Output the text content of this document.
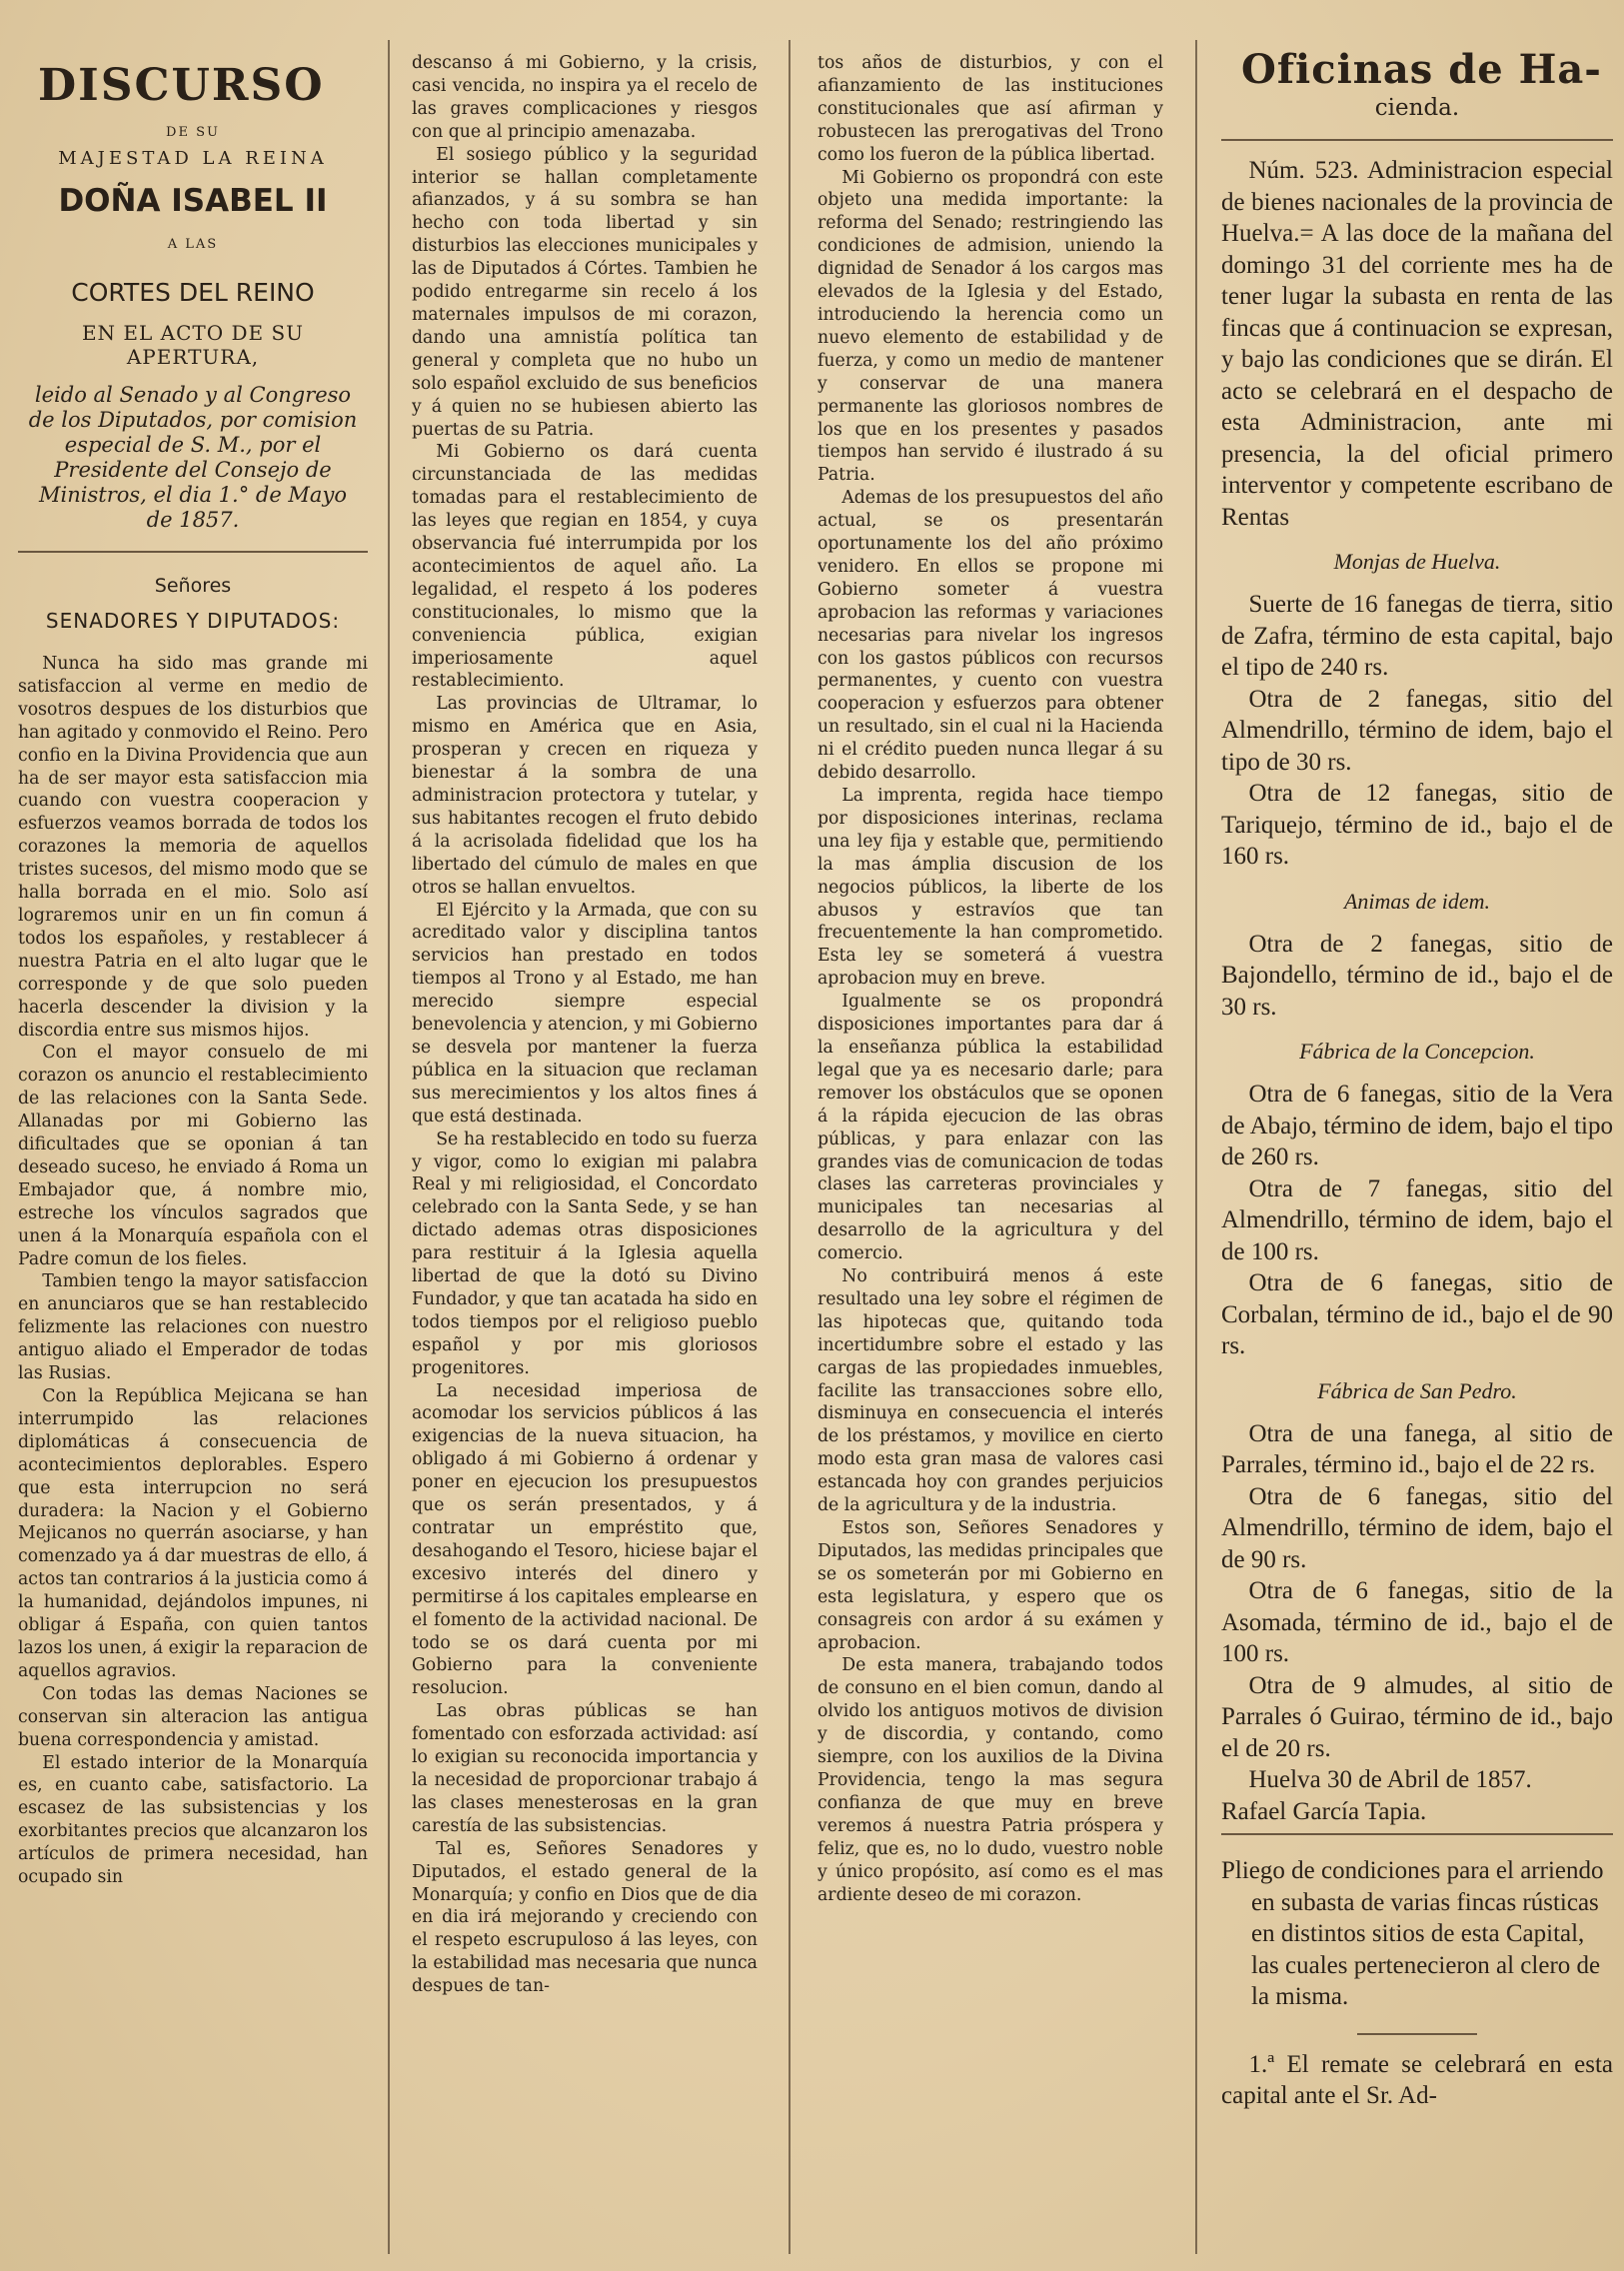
DISCURSO
DE SU
MAJESTAD LA REINA
DOÑA ISABEL II
A LAS
CORTES DEL REINO
EN EL ACTO DE SU APERTURA,
leido al Senado y al Congreso de los Diputados, por comision especial de S. M., por el Presidente del Consejo de Ministros, el dia 1.° de Mayo de 1857.
Señores
SENADORES Y DIPUTADOS:

Nunca ha sido mas grande mi satisfaccion al verme en medio de vosotros despues de los disturbios que han agitado y conmovido el Reino. Pero confio en la Divina Providencia que aun ha de ser mayor esta satisfaccion mia cuando con vuestra cooperacion y esfuerzos veamos borrada de todos los corazones la memoria de aquellos tristes sucesos, del mismo modo que se halla borrada en el mio. Solo así lograremos unir en un fin comun á todos los españoles, y restablecer á nuestra Patria en el alto lugar que le corresponde y de que solo pueden hacerla descender la division y la discordia entre sus mismos hijos.

Con el mayor consuelo de mi corazon os anuncio el restablecimiento de las relaciones con la Santa Sede. Allanadas por mi Gobierno las dificultades que se oponian á tan deseado suceso, he enviado á Roma un Embajador que, á nombre mio, estreche los vínculos sagrados que unen á la Monarquía española con el Padre comun de los fieles.

Tambien tengo la mayor satisfaccion en anunciaros que se han restablecido felizmente las relaciones con nuestro antiguo aliado el Emperador de todas las Rusias.

Con la República Mejicana se han interrumpido las relaciones diplomáticas á consecuencia de acontecimientos deplorables. Espero que esta interrupcion no será duradera: la Nacion y el Gobierno Mejicanos no querrán asociarse, y han comenzado ya á dar muestras de ello, á actos tan contrarios á la justicia como á la humanidad, dejándolos impunes, ni obligar á España, con quien tantos lazos los unen, á exigir la reparacion de aquellos agravios.

Con todas las demas Naciones se conservan sin alteracion las antigua buena correspondencia y amistad.

El estado interior de la Monarquía es, en cuanto cabe, satisfactorio. La escasez de las subsistencias y los exorbitantes precios que alcanzaron los artículos de primera necesidad, han ocupado sin

descanso á mi Gobierno, y la crisis, casi vencida, no inspira ya el recelo de las graves complicaciones y riesgos con que al principio amenazaba.

El sosiego público y la seguridad interior se hallan completamente afianzados, y á su sombra se han hecho con toda libertad y sin disturbios las elecciones municipales y las de Diputados á Córtes. Tambien he podido entregarme sin recelo á los maternales impulsos de mi corazon, dando una amnistía política tan general y completa que no hubo un solo español excluido de sus beneficios y á quien no se hubiesen abierto las puertas de su Patria.

Mi Gobierno os dará cuenta circunstanciada de las medidas tomadas para el restablecimiento de las leyes que regian en 1854, y cuya observancia fué interrumpida por los acontecimientos de aquel año. La legalidad, el respeto á los poderes constitucionales, lo mismo que la conveniencia pública, exigian imperiosamente aquel restablecimiento.

Las provincias de Ultramar, lo mismo en América que en Asia, prosperan y crecen en riqueza y bienestar á la sombra de una administracion protectora y tutelar, y sus habitantes recogen el fruto debido á la acrisolada fidelidad que los ha libertado del cúmulo de males en que otros se hallan envueltos.

El Ejército y la Armada, que con su acreditado valor y disciplina tantos servicios han prestado en todos tiempos al Trono y al Estado, me han merecido siempre especial benevolencia y atencion, y mi Gobierno se desvela por mantener la fuerza pública en la situacion que reclaman sus merecimientos y los altos fines á que está destinada.

Se ha restablecido en todo su fuerza y vigor, como lo exigian mi palabra Real y mi religiosidad, el Concordato celebrado con la Santa Sede, y se han dictado ademas otras disposiciones para restituir á la Iglesia aquella libertad de que la dotó su Divino Fundador, y que tan acatada ha sido en todos tiempos por el religioso pueblo español y por mis gloriosos progenitores.

La necesidad imperiosa de acomodar los servicios públicos á las exigencias de la nueva situacion, ha obligado á mi Gobierno á ordenar y poner en ejecucion los presupuestos que os serán presentados, y á contratar un empréstito que, desahogando el Tesoro, hiciese bajar el excesivo interés del dinero y permitirse á los capitales emplearse en el fomento de la actividad nacional. De todo se os dará cuenta por mi Gobierno para la conveniente resolucion.

Las obras públicas se han fomentado con esforzada actividad: así lo exigian su reconocida importancia y la necesidad de proporcionar trabajo á las clases menesterosas en la gran carestía de las subsistencias.

Tal es, Señores Senadores y Diputados, el estado general de la Monarquía; y confio en Dios que de dia en dia irá mejorando y creciendo con el respeto escrupuloso á las leyes, con la estabilidad mas necesaria que nunca despues de tan-

tos años de disturbios, y con el afianzamiento de las instituciones constitucionales que así afirman y robustecen las prerogativas del Trono como los fueron de la pública libertad.

Mi Gobierno os propondrá con este objeto una medida importante: la reforma del Senado; restringiendo las condiciones de admision, uniendo la dignidad de Senador á los cargos mas elevados de la Iglesia y del Estado, introduciendo la herencia como un nuevo elemento de estabilidad y de fuerza, y como un medio de mantener y conservar de una manera permanente las gloriosos nombres de los que en los presentes y pasados tiempos han servido é ilustrado á su Patria.

Ademas de los presupuestos del año actual, se os presentarán oportunamente los del año próximo venidero. En ellos se propone mi Gobierno someter á vuestra aprobacion las reformas y variaciones necesarias para nivelar los ingresos con los gastos públicos con recursos permanentes, y cuento con vuestra cooperacion y esfuerzos para obtener un resultado, sin el cual ni la Hacienda ni el crédito pueden nunca llegar á su debido desarrollo.

La imprenta, regida hace tiempo por disposiciones interinas, reclama una ley fija y estable que, permitiendo la mas ámplia discusion de los negocios públicos, la liberte de los abusos y estravíos que tan frecuentemente la han comprometido. Esta ley se someterá á vuestra aprobacion muy en breve.

Igualmente se os propondrá disposiciones importantes para dar á la enseñanza pública la estabilidad legal que ya es necesario darle; para remover los obstáculos que se oponen á la rápida ejecucion de las obras públicas, y para enlazar con las grandes vias de comunicacion de todas clases las carreteras provinciales y municipales tan necesarias al desarrollo de la agricultura y del comercio.

No contribuirá menos á este resultado una ley sobre el régimen de las hipotecas que, quitando toda incertidumbre sobre el estado y las cargas de las propiedades inmuebles, facilite las transacciones sobre ello, disminuya en consecuencia el interés de los préstamos, y movilice en cierto modo esta gran masa de valores casi estancada hoy con grandes perjuicios de la agricultura y de la industria.

Estos son, Señores Senadores y Diputados, las medidas principales que se os someterán por mi Gobierno en esta legislatura, y espero que os consagreis con ardor á su exámen y aprobacion.

De esta manera, trabajando todos de consuno en el bien comun, dando al olvido los antiguos motivos de division y de discordia, y contando, como siempre, con los auxilios de la Divina Providencia, tengo la mas segura confianza de que muy en breve veremos á nuestra Patria próspera y feliz, que es, no lo dudo, vuestro noble y único propósito, así como es el mas ardiente deseo de mi corazon.

Oficinas de Ha-
cienda.

Núm. 523. Administracion especial de bienes nacionales de la provincia de Huelva.= A las doce de la mañana del domingo 31 del corriente mes ha de tener lugar la subasta en renta de las fincas que á continuacion se expresan, y bajo las condiciones que se dirán. El acto se celebrará en el despacho de esta Administracion, ante mi presencia, la del oficial primero interventor y competente escribano de Rentas

Monjas de Huelva.

Suerte de 16 fanegas de tierra, sitio de Zafra, término de esta capital, bajo el tipo de 240 rs.

Otra de 2 fanegas, sitio del Almendrillo, término de idem, bajo el tipo de 30 rs.

Otra de 12 fanegas, sitio de Tariquejo, término de id., bajo el de 160 rs.

Animas de idem.

Otra de 2 fanegas, sitio de Bajondello, término de id., bajo el de 30 rs.

Fábrica de la Concepcion.

Otra de 6 fanegas, sitio de la Vera de Abajo, término de idem, bajo el tipo de 260 rs.

Otra de 7 fanegas, sitio del Almendrillo, término de idem, bajo el de 100 rs.

Otra de 6 fanegas, sitio de Corbalan, término de id., bajo el de 90 rs.

Fábrica de San Pedro.

Otra de una fanega, al sitio de Parrales, término id., bajo el de 22 rs.

Otra de 6 fanegas, sitio del Almendrillo, término de idem, bajo el de 90 rs.

Otra de 6 fanegas, sitio de la Asomada, término de id., bajo el de 100 rs.

Otra de 9 almudes, al sitio de Parrales ó Guirao, término de id., bajo el de 20 rs.

Huelva 30 de Abril de 1857.

Rafael García Tapia.

Pliego de condiciones para el arriendo en subasta de varias fincas rústicas en distintos sitios de esta Capital, las cuales pertenecieron al clero de la misma.

1.ª El remate se celebrará en esta capital ante el Sr. Ad-
